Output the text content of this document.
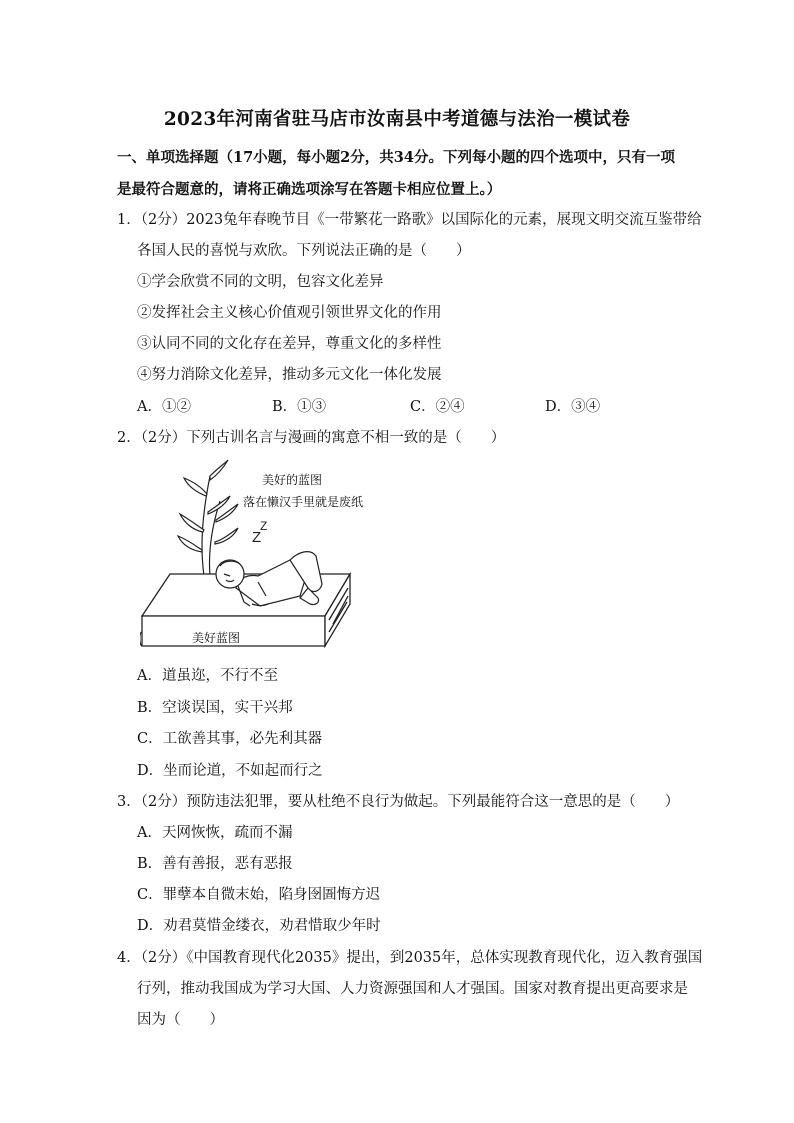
2023年河南省驻马店市汝南县中考道德与法治一模试卷
一、单项选择题（17小题，每小题2分，共34分。下列每小题的四个选项中，只有一项是最符合题意的，请将正确选项涂写在答题卡相应位置上。）
1．（2分）2023兔年春晚节目《一带繁花一路歌》以国际化的元素，展现文明交流互鉴带给
各国人民的喜悦与欢欣。下列说法正确的是（　　）
①学会欣赏不同的文明，包容文化差异
②发挥社会主义核心价值观引领世界文化的作用
③认同不同的文化存在差异，尊重文化的多样性
④努力消除文化差异，推动多元文化一体化发展
A．①②	B．①③	C．②④	D．③④
2．（2分）下列古训名言与漫画的寓意不相一致的是（　　）
美好蓝图
Z
Z
美好的蓝图
落在懒汉手里就是废纸
A．道虽迩，不行不至
B．空谈误国，实干兴邦
C．工欲善其事，必先利其器
D．坐而论道，不如起而行之
3．（2分）预防违法犯罪，要从杜绝不良行为做起。下列最能符合这一意思的是（　　）
A．天网恢恢，疏而不漏
B．善有善报，恶有恶报
C．罪孽本自微末始，陷身囹圄悔方迟
D．劝君莫惜金缕衣，劝君惜取少年时
4．（2分）《中国教育现代化2035》提出，到2035年，总体实现教育现代化，迈入教育强国
行列，推动我国成为学习大国、人力资源强国和人才强国。国家对教育提出更高要求是
因为（　　）
